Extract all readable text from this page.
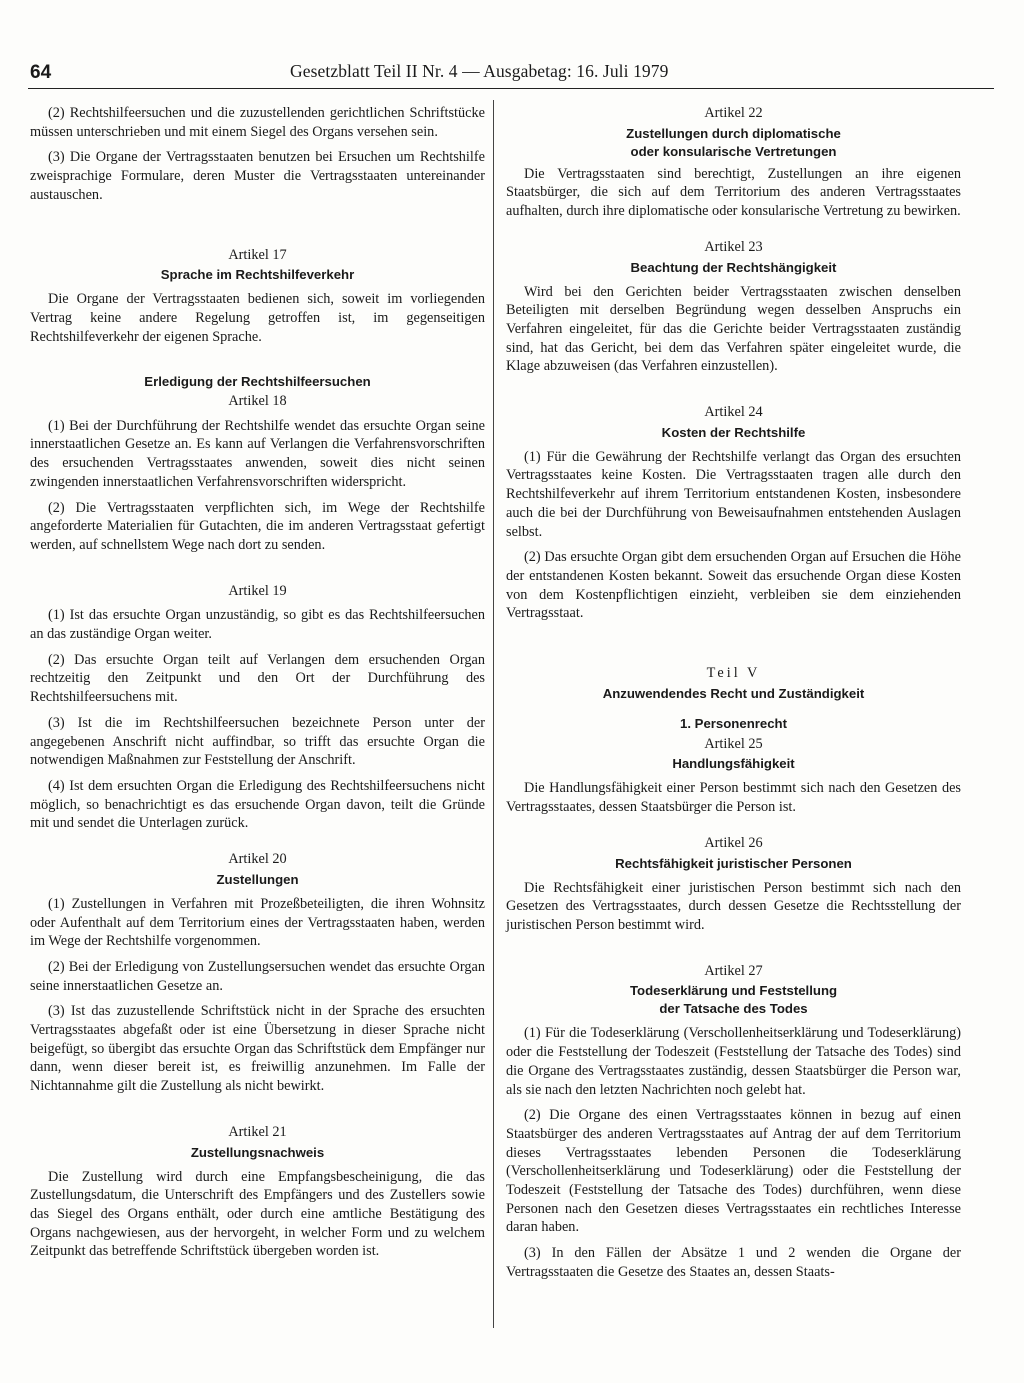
64	Gesetzblatt Teil II Nr. 4 — Ausgabetag: 16. Juli 1979

(2) Rechtshilfeersuchen und die zuzustellenden gerichtlichen Schriftstücke müssen unterschrieben und mit einem Siegel des Organs versehen sein.

(3) Die Organe der Vertragsstaaten benutzen bei Ersuchen um Rechtshilfe zweisprachige Formulare, deren Muster die Vertragsstaaten untereinander austauschen.

Artikel 17

Sprache im Rechtshilfeverkehr

Die Organe der Vertragsstaaten bedienen sich, soweit im vorliegenden Vertrag keine andere Regelung getroffen ist, im gegenseitigen Rechtshilfeverkehr der eigenen Sprache.

Erledigung der Rechtshilfeersuchen

Artikel 18

(1) Bei der Durchführung der Rechtshilfe wendet das ersuchte Organ seine innerstaatlichen Gesetze an. Es kann auf Verlangen die Verfahrensvorschriften des ersuchenden Vertragsstaates anwenden, soweit dies nicht seinen zwingenden innerstaatlichen Verfahrensvorschriften widerspricht.

(2) Die Vertragsstaaten verpflichten sich, im Wege der Rechtshilfe angeforderte Materialien für Gutachten, die im anderen Vertragsstaat gefertigt werden, auf schnellstem Wege nach dort zu senden.

Artikel 19

(1) Ist das ersuchte Organ unzuständig, so gibt es das Rechtshilfeersuchen an das zuständige Organ weiter.

(2) Das ersuchte Organ teilt auf Verlangen dem ersuchenden Organ rechtzeitig den Zeitpunkt und den Ort der Durchführung des Rechtshilfeersuchens mit.

(3) Ist die im Rechtshilfeersuchen bezeichnete Person unter der angegebenen Anschrift nicht auffindbar, so trifft das ersuchte Organ die notwendigen Maßnahmen zur Feststellung der Anschrift.

(4) Ist dem ersuchten Organ die Erledigung des Rechtshilfeersuchens nicht möglich, so benachrichtigt es das ersuchende Organ davon, teilt die Gründe mit und sendet die Unterlagen zurück.

Artikel 20

Zustellungen

(1) Zustellungen in Verfahren mit Prozeßbeteiligten, die ihren Wohnsitz oder Aufenthalt auf dem Territorium eines der Vertragsstaaten haben, werden im Wege der Rechtshilfe vorgenommen.

(2) Bei der Erledigung von Zustellungsersuchen wendet das ersuchte Organ seine innerstaatlichen Gesetze an.

(3) Ist das zuzustellende Schriftstück nicht in der Sprache des ersuchten Vertragsstaates abgefaßt oder ist eine Übersetzung in dieser Sprache nicht beigefügt, so übergibt das ersuchte Organ das Schriftstück dem Empfänger nur dann, wenn dieser bereit ist, es freiwillig anzunehmen. Im Falle der Nichtannahme gilt die Zustellung als nicht bewirkt.

Artikel 21

Zustellungsnachweis

Die Zustellung wird durch eine Empfangsbescheinigung, die das Zustellungsdatum, die Unterschrift des Empfängers und des Zustellers sowie das Siegel des Organs enthält, oder durch eine amtliche Bestätigung des Organs nachgewiesen, aus der hervorgeht, in welcher Form und zu welchem Zeitpunkt das betreffende Schriftstück übergeben worden ist.

Artikel 22

Zustellungen durch diplomatische
oder konsularische Vertretungen

Die Vertragsstaaten sind berechtigt, Zustellungen an ihre eigenen Staatsbürger, die sich auf dem Territorium des anderen Vertragsstaates aufhalten, durch ihre diplomatische oder konsularische Vertretung zu bewirken.

Artikel 23

Beachtung der Rechtshängigkeit

Wird bei den Gerichten beider Vertragsstaaten zwischen denselben Beteiligten mit derselben Begründung wegen desselben Anspruchs ein Verfahren eingeleitet, für das die Gerichte beider Vertragsstaaten zuständig sind, hat das Gericht, bei dem das Verfahren später eingeleitet wurde, die Klage abzuweisen (das Verfahren einzustellen).

Artikel 24

Kosten der Rechtshilfe

(1) Für die Gewährung der Rechtshilfe verlangt das Organ des ersuchten Vertragsstaates keine Kosten. Die Vertragsstaaten tragen alle durch den Rechtshilfeverkehr auf ihrem Territorium entstandenen Kosten, insbesondere auch die bei der Durchführung von Beweisaufnahmen entstehenden Auslagen selbst.

(2) Das ersuchte Organ gibt dem ersuchenden Organ auf Ersuchen die Höhe der entstandenen Kosten bekannt. Soweit das ersuchende Organ diese Kosten von dem Kostenpflichtigen einzieht, verbleiben sie dem einziehenden Vertragsstaat.

Teil V

Anzuwendendes Recht und Zuständigkeit

1. Personenrecht

Artikel 25

Handlungsfähigkeit

Die Handlungsfähigkeit einer Person bestimmt sich nach den Gesetzen des Vertragsstaates, dessen Staatsbürger die Person ist.

Artikel 26

Rechtsfähigkeit juristischer Personen

Die Rechtsfähigkeit einer juristischen Person bestimmt sich nach den Gesetzen des Vertragsstaates, durch dessen Gesetze die Rechtsstellung der juristischen Person bestimmt wird.

Artikel 27

Todeserklärung und Feststellung
der Tatsache des Todes

(1) Für die Todeserklärung (Verschollenheitserklärung und Todeserklärung) oder die Feststellung der Todeszeit (Feststellung der Tatsache des Todes) sind die Organe des Vertragsstaates zuständig, dessen Staatsbürger die Person war, als sie nach den letzten Nachrichten noch gelebt hat.

(2) Die Organe des einen Vertragsstaates können in bezug auf einen Staatsbürger des anderen Vertragsstaates auf Antrag der auf dem Territorium dieses Vertragsstaates lebenden Personen die Todeserklärung (Verschollenheitserklärung und Todeserklärung) oder die Feststellung der Todeszeit (Feststellung der Tatsache des Todes) durchführen, wenn diese Personen nach den Gesetzen dieses Vertragsstaates ein rechtliches Interesse daran haben.

(3) In den Fällen der Absätze 1 und 2 wenden die Organe der Vertragsstaaten die Gesetze des Staates an, dessen Staats-
